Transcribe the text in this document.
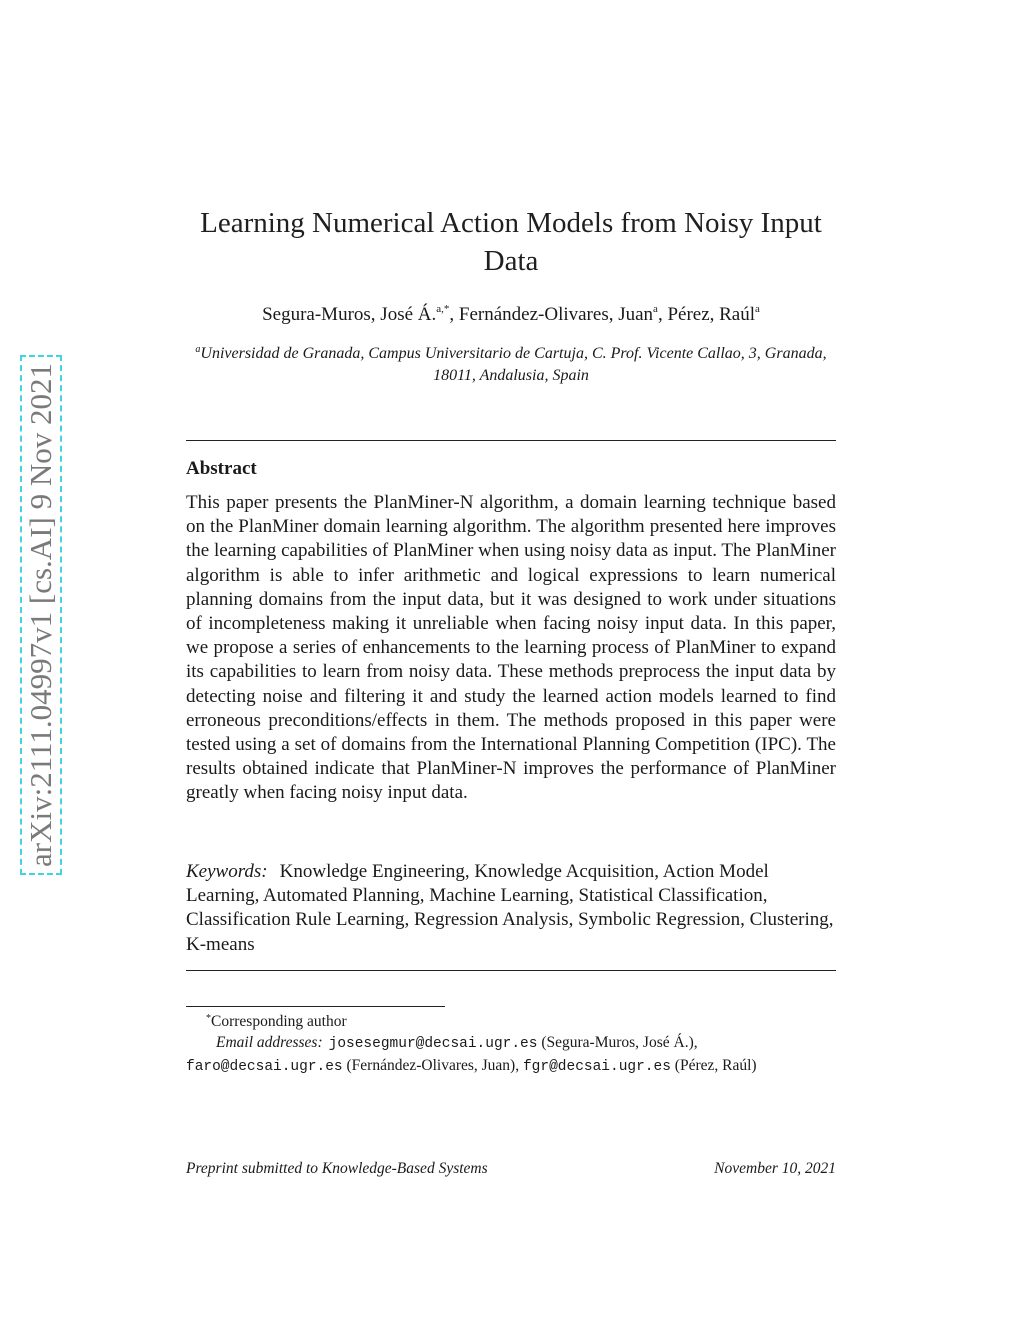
arXiv:2111.04997v1 [cs.AI] 9 Nov 2021
Learning Numerical Action Models from Noisy Input Data
Segura-Muros, José Á.$^{a,*}$, Fernández-Olivares, Juan$^a$, Pérez, Raúl$^a$
$^a$Universidad de Granada, Campus Universitario de Cartuja, C. Prof. Vicente Callao, 3, Granada, 18011, Andalusia, Spain
Abstract

This paper presents the PlanMiner-N algorithm, a domain learning technique based on the PlanMiner domain learning algorithm. The algorithm presented here improves the learning capabilities of PlanMiner when using noisy data as input. The PlanMiner algorithm is able to infer arithmetic and logical expressions to learn numerical planning domains from the input data, but it was designed to work under situations of incompleteness making it unreliable when facing noisy input data. In this paper, we propose a series of enhancements to the learning process of PlanMiner to expand its capabilities to learn from noisy data. These methods preprocess the input data by detecting noise and filtering it and study the learned action models learned to find erroneous preconditions/effects in them. The methods proposed in this paper were tested using a set of domains from the International Planning Competition (IPC). The results obtained indicate that PlanMiner-N improves the performance of PlanMiner greatly when facing noisy input data.

Keywords: Knowledge Engineering, Knowledge Acquisition, Action Model Learning, Automated Planning, Machine Learning, Statistical Classification, Classification Rule Learning, Regression Analysis, Symbolic Regression, Clustering, K-means

*Corresponding author
Email addresses: josesegmur@decsai.ugr.es (Segura-Muros, José Á.),
faro@decsai.ugr.es (Fernández-Olivares, Juan), fgr@decsai.ugr.es (Pérez, Raúl)
Preprint submitted to Knowledge-Based Systems	November 10, 2021
